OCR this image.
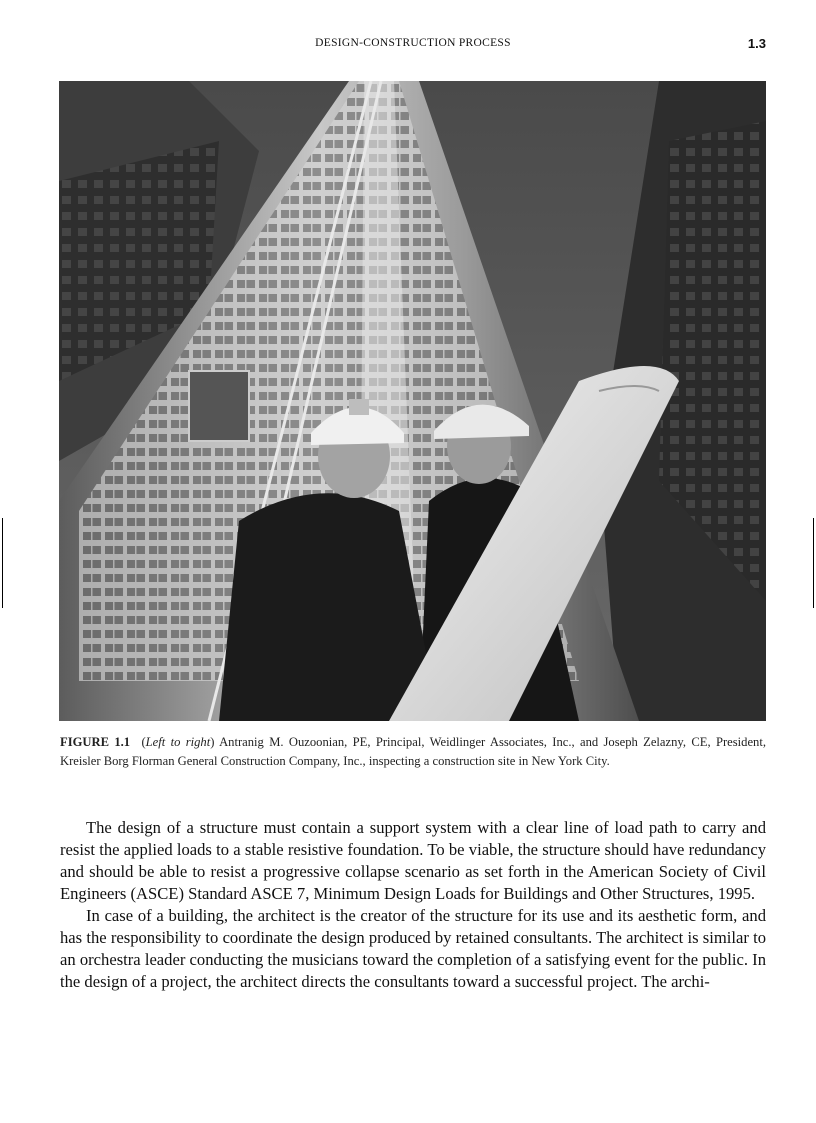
DESIGN-CONSTRUCTION PROCESS	1.3
FIGURE 1.1 (Left to right) Antranig M. Ouzoonian, PE, Principal, Weidlinger Associates, Inc., and Joseph Zelazny, CE, President, Kreisler Borg Florman General Construction Company, Inc., inspecting a construction site in New York City.

The design of a structure must contain a support system with a clear line of load path to carry and resist the applied loads to a stable resistive foundation. To be viable, the structure should have redundancy and should be able to resist a progressive collapse scenario as set forth in the American Society of Civil Engineers (ASCE) Standard ASCE 7, Minimum Design Loads for Buildings and Other Structures, 1995.

In case of a building, the architect is the creator of the structure for its use and its aesthetic form, and has the responsibility to coordinate the design produced by retained consultants. The architect is similar to an orchestra leader conducting the musicians toward the completion of a satisfying event for the public. In the design of a project, the architect directs the consultants toward a successful project. The archi-
